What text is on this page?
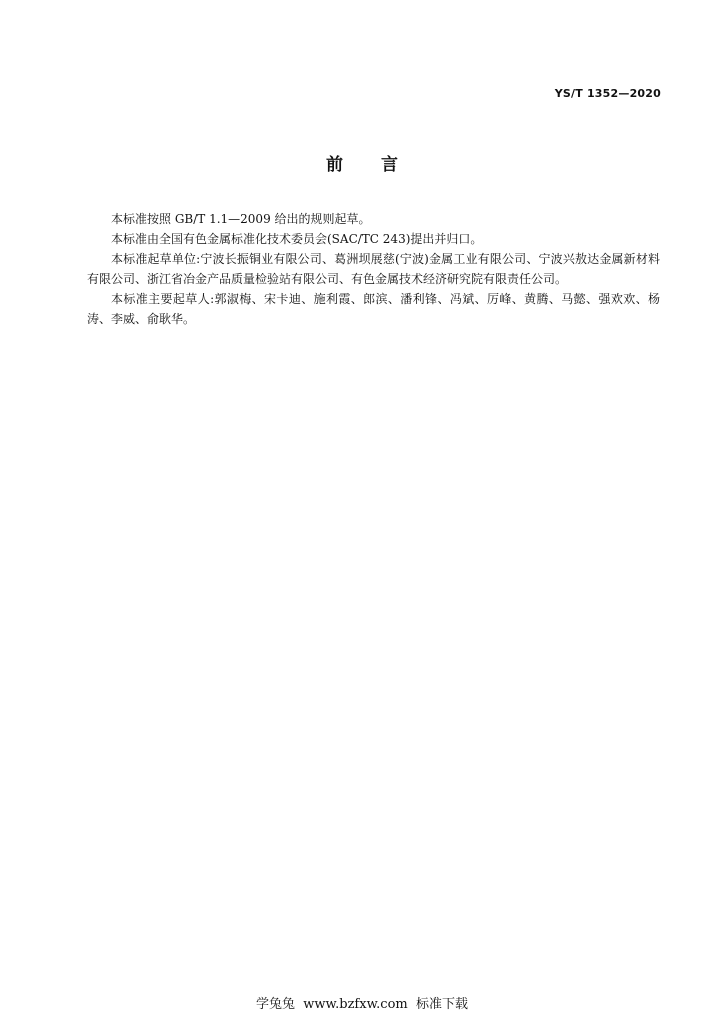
YS/T 1352—2020
前言

本标准按照 GB/T 1.1—2009 给出的规则起草。

本标准由全国有色金属标准化技术委员会(SAC/TC 243)提出并归口。

本标准起草单位:宁波长振铜业有限公司、葛洲坝展慈(宁波)金属工业有限公司、宁波兴敖达金属新材料有限公司、浙江省冶金产品质量检验站有限公司、有色金属技术经济研究院有限责任公司。

本标准主要起草人:郭淑梅、宋卡迪、施利霞、郎滨、潘利锋、冯斌、厉峰、黄腾、马懿、强欢欢、杨涛、李威、俞耿华。

学兔兔  www.bzfxw.com  标准下载
